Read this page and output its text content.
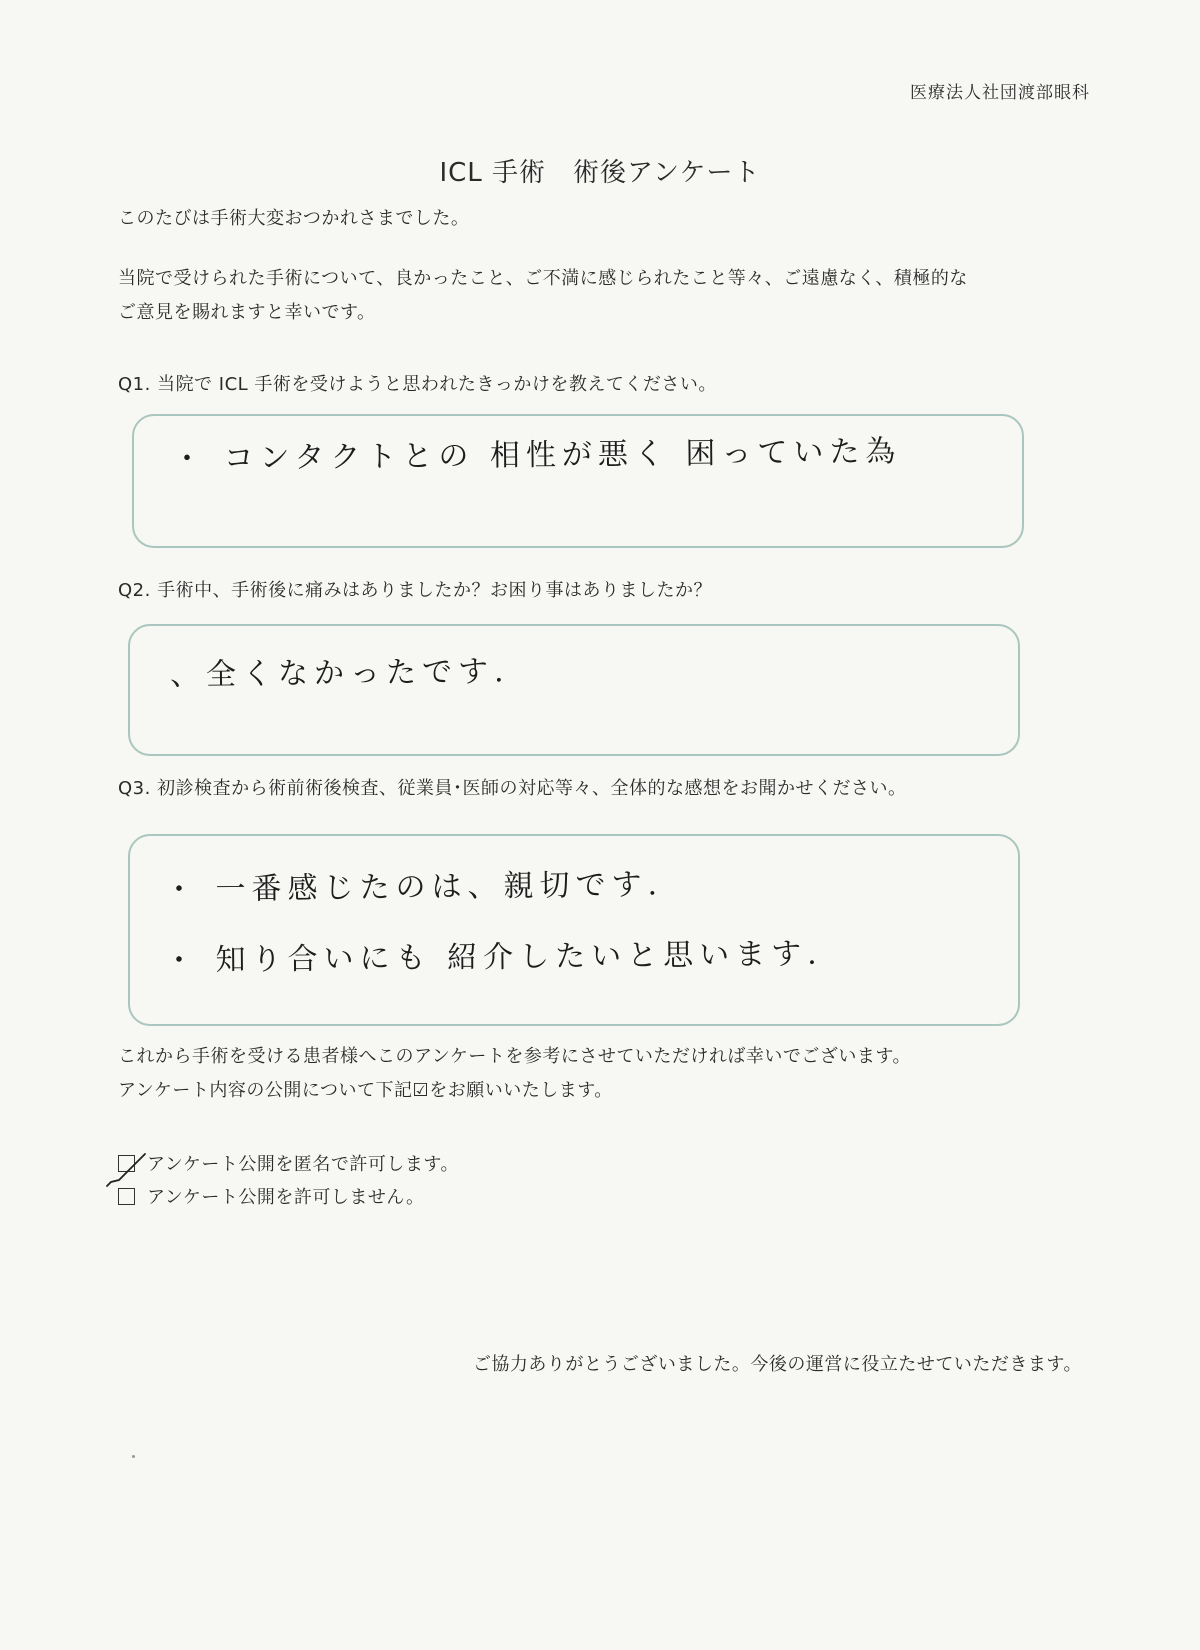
医療法人社団渡部眼科
ICL 手術　術後アンケート
このたびは手術大変おつかれさまでした。
当院で受けられた手術について、良かったこと、ご不満に感じられたこと等々、ご遠慮なく、積極的な
ご意見を賜れますと幸いです。
Q1. 当院で ICL 手術を受けようと思われたきっかけを教えてください。
・ コンタクトとの 相性が悪く 困っていた為
Q2. 手術中、手術後に痛みはありましたか？お困り事はありましたか？
、全くなかったです.
Q3. 初診検査から術前術後検査、従業員･医師の対応等々、全体的な感想をお聞かせください。
・ 一番感じたのは、親切です.
・ 知り合いにも 紹介したいと思います.
これから手術を受ける患者様へこのアンケートを参考にさせていただければ幸いでございます。
アンケート内容の公開について下記☑をお願いいたします。
アンケート公開を匿名で許可します。
アンケート公開を許可しません。
ご協力ありがとうございました。今後の運営に役立たせていただきます。
